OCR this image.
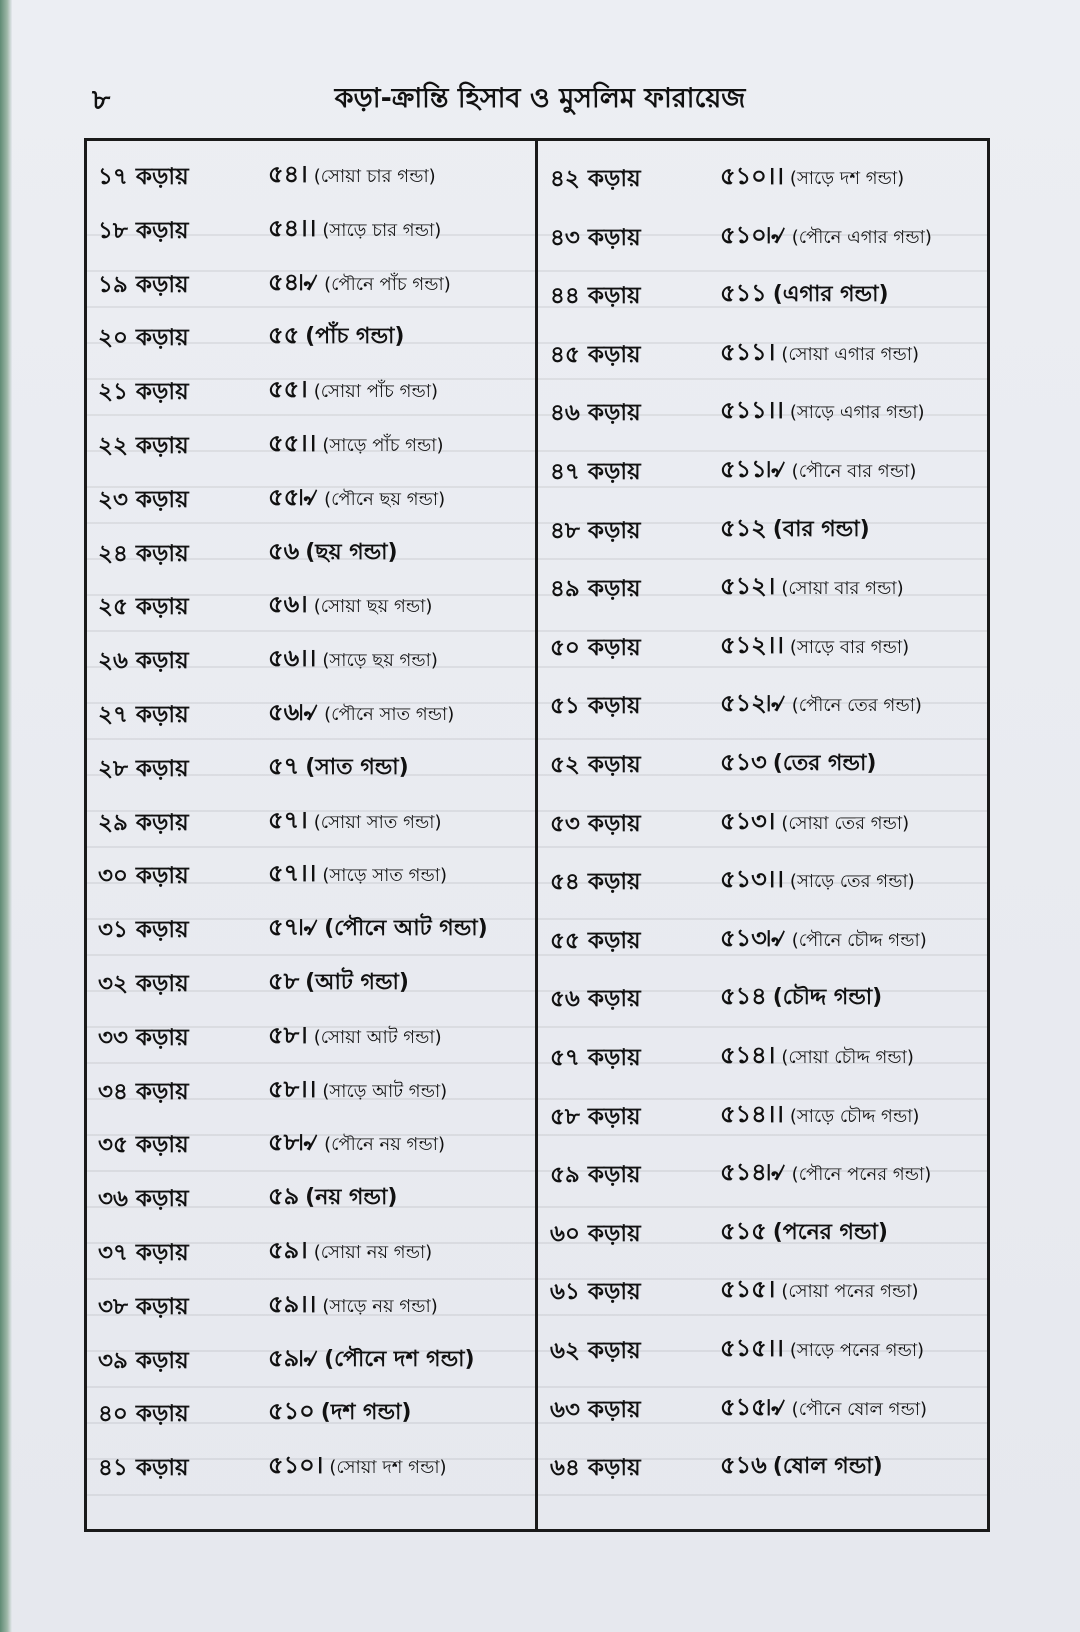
৮	কড়া-ক্রান্তি হিসাব ও মুসলিম ফারায়েজ
১৭ কড়ায়	৫৪। (সোয়া চার গন্ডা)
১৮ কড়ায়	৫৪।। (সাড়ে চার গন্ডা)
১৯ কড়ায়	৫৪৷৵ (পৌনে পাঁচ গন্ডা)
২০ কড়ায়	৫৫ (পাঁচ গন্ডা)
২১ কড়ায়	৫৫। (সোয়া পাঁচ গন্ডা)
২২ কড়ায়	৫৫।। (সাড়ে পাঁচ গন্ডা)
২৩ কড়ায়	৫৫৷৵ (পৌনে ছয় গন্ডা)
২৪ কড়ায়	৫৬ (ছয় গন্ডা)
২৫ কড়ায়	৫৬। (সোয়া ছয় গন্ডা)
২৬ কড়ায়	৫৬।। (সাড়ে ছয় গন্ডা)
২৭ কড়ায়	৫৬৷৵ (পৌনে সাত গন্ডা)
২৮ কড়ায়	৫৭ (সাত গন্ডা)
২৯ কড়ায়	৫৭। (সোয়া সাত গন্ডা)
৩০ কড়ায়	৫৭।। (সাড়ে সাত গন্ডা)
৩১ কড়ায়	৫৭৷৵ (পৌনে আট গন্ডা)
৩২ কড়ায়	৫৮ (আট গন্ডা)
৩৩ কড়ায়	৫৮। (সোয়া আট গন্ডা)
৩৪ কড়ায়	৫৮।। (সাড়ে আট গন্ডা)
৩৫ কড়ায়	৫৮৷৵ (পৌনে নয় গন্ডা)
৩৬ কড়ায়	৫৯ (নয় গন্ডা)
৩৭ কড়ায়	৫৯। (সোয়া নয় গন্ডা)
৩৮ কড়ায়	৫৯।। (সাড়ে নয় গন্ডা)
৩৯ কড়ায়	৫৯৷৵ (পৌনে দশ গন্ডা)
৪০ কড়ায়	৫১০ (দশ গন্ডা)
৪১ কড়ায়	৫১০। (সোয়া দশ গন্ডা)
৪২ কড়ায়	৫১০।। (সাড়ে দশ গন্ডা)
৪৩ কড়ায়	৫১০৷৵ (পৌনে এগার গন্ডা)
৪৪ কড়ায়	৫১১ (এগার গন্ডা)
৪৫ কড়ায়	৫১১। (সোয়া এগার গন্ডা)
৪৬ কড়ায়	৫১১।। (সাড়ে এগার গন্ডা)
৪৭ কড়ায়	৫১১৷৵ (পৌনে বার গন্ডা)
৪৮ কড়ায়	৫১২ (বার গন্ডা)
৪৯ কড়ায়	৫১২। (সোয়া বার গন্ডা)
৫০ কড়ায়	৫১২।। (সাড়ে বার গন্ডা)
৫১ কড়ায়	৫১২৷৵ (পৌনে তের গন্ডা)
৫২ কড়ায়	৫১৩ (তের গন্ডা)
৫৩ কড়ায়	৫১৩। (সোয়া তের গন্ডা)
৫৪ কড়ায়	৫১৩।। (সাড়ে তের গন্ডা)
৫৫ কড়ায়	৫১৩৷৵ (পৌনে চৌদ্দ গন্ডা)
৫৬ কড়ায়	৫১৪ (চৌদ্দ গন্ডা)
৫৭ কড়ায়	৫১৪। (সোয়া চৌদ্দ গন্ডা)
৫৮ কড়ায়	৫১৪।। (সাড়ে চৌদ্দ গন্ডা)
৫৯ কড়ায়	৫১৪৷৵ (পৌনে পনের গন্ডা)
৬০ কড়ায়	৫১৫ (পনের গন্ডা)
৬১ কড়ায়	৫১৫। (সোয়া পনের গন্ডা)
৬২ কড়ায়	৫১৫।। (সাড়ে পনের গন্ডা)
৬৩ কড়ায়	৫১৫৷৵ (পৌনে ষোল গন্ডা)
৬৪ কড়ায়	৫১৬ (ষোল গন্ডা)
